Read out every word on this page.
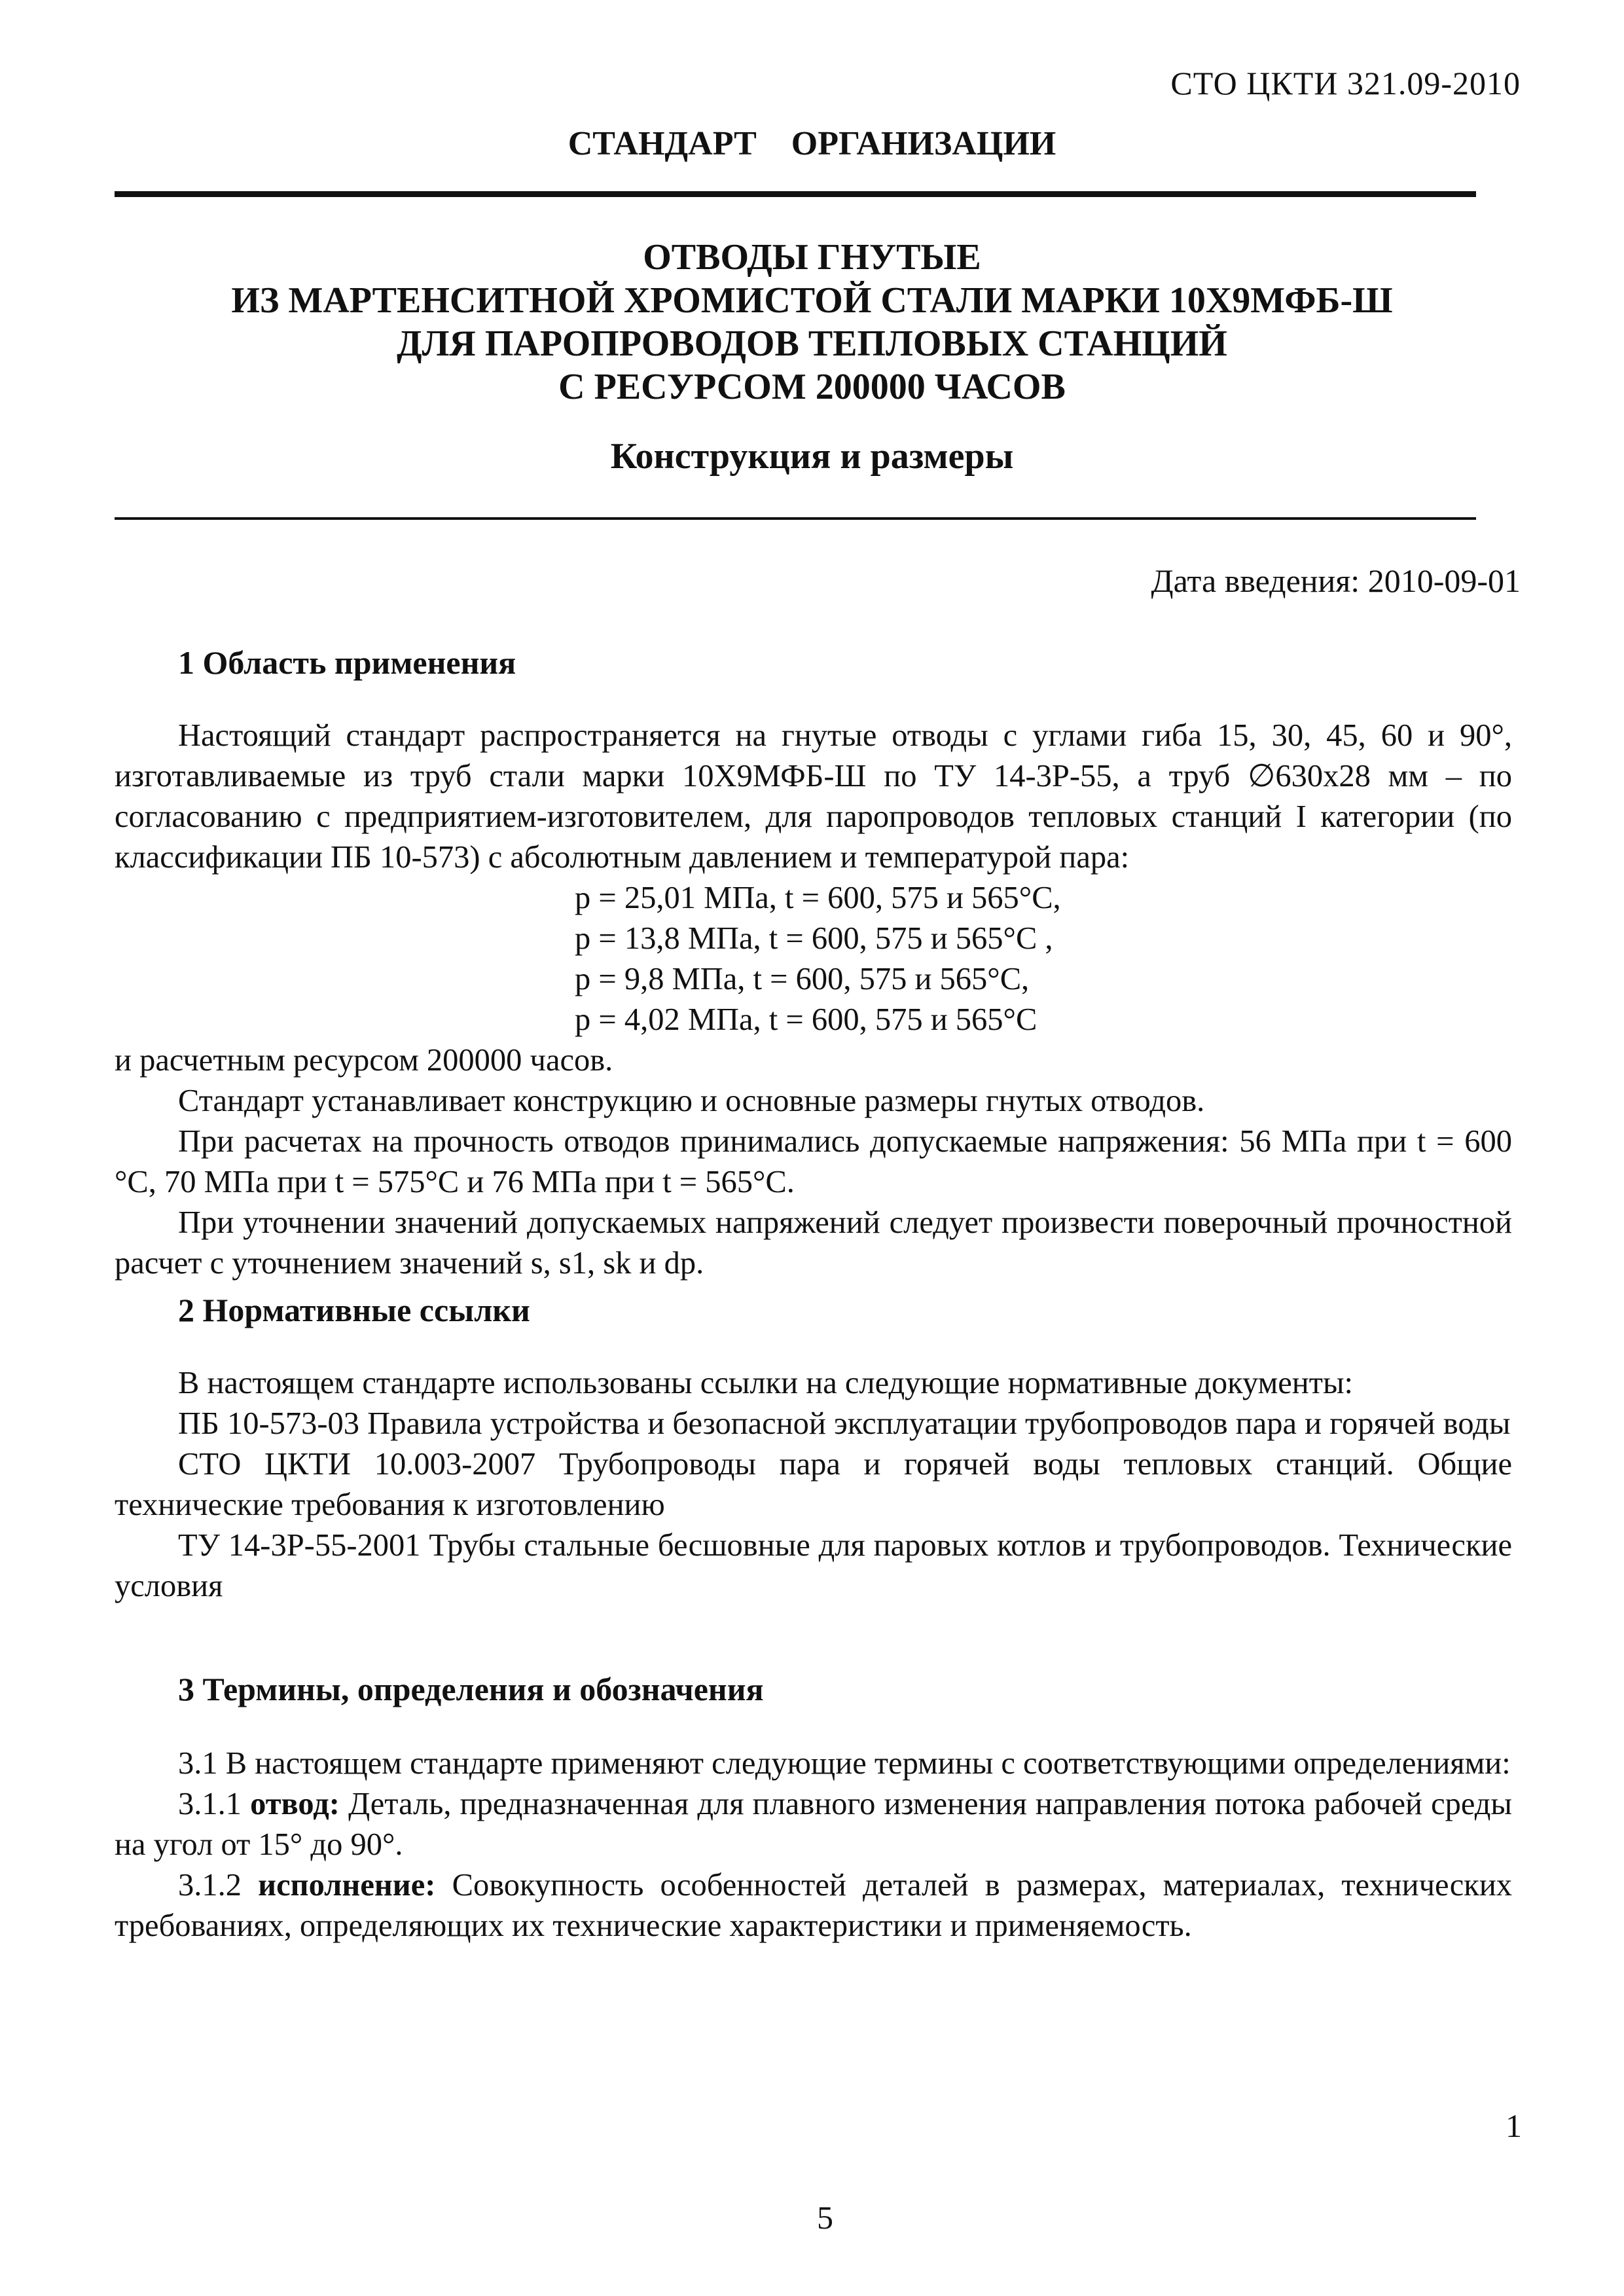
СТО ЦКТИ 321.09-2010
СТАНДАРТ ОРГАНИЗАЦИИ
ОТВОДЫ ГНУТЫЕ
ИЗ МАРТЕНСИТНОЙ ХРОМИСТОЙ СТАЛИ МАРКИ 10Х9МФБ-Ш
ДЛЯ ПАРОПРОВОДОВ ТЕПЛОВЫХ СТАНЦИЙ
С РЕСУРСОМ 200000 ЧАСОВ
Конструкция и размеры
Дата введения: 2010-09-01
1 Область применения

Настоящий стандарт распространяется на гнутые отводы с углами гиба 15, 30, 45, 60 и 90°, изготавливаемые из труб стали марки 10Х9МФБ-Ш по ТУ 14-3Р-55, а труб ∅630х28 мм – по согласованию с предприятием-изготовителем, для паропроводов тепловых станций I категории (по классификации ПБ 10-573) с абсолютным давлением и температурой пара:

p = 25,01 МПа, t = 600, 575 и 565°С,
p = 13,8 МПа, t = 600, 575 и 565°С ,
p = 9,8 МПа, t = 600, 575 и 565°С,
p = 4,02 МПа, t = 600, 575 и 565°С

и расчетным ресурсом 200000 часов.

Стандарт устанавливает конструкцию и основные размеры гнутых отводов.

При расчетах на прочность отводов принимались допускаемые напряжения: 56 МПа при t = 600 °С, 70 МПа при t = 575°С и 76 МПа при t = 565°С.

При уточнении значений допускаемых напряжений следует произвести поверочный прочностной расчет с уточнением значений s, s1, sk и dp.

2 Нормативные ссылки

В настоящем стандарте использованы ссылки на следующие нормативные документы:

ПБ 10-573-03 Правила устройства и безопасной эксплуатации трубопроводов пара и горячей воды

СТО ЦКТИ 10.003-2007 Трубопроводы пара и горячей воды тепловых станций. Общие технические требования к изготовлению

ТУ 14-3Р-55-2001 Трубы стальные бесшовные для паровых котлов и трубопроводов. Технические условия

3 Термины, определения и обозначения

3.1 В настоящем стандарте применяют следующие термины с соответствующими определениями:

3.1.1 отвод: Деталь, предназначенная для плавного изменения направления потока рабочей среды на угол от 15° до 90°.

3.1.2 исполнение: Совокупность особенностей деталей в размерах, материалах, технических требованиях, определяющих их технические характеристики и применяемость.

1
5
